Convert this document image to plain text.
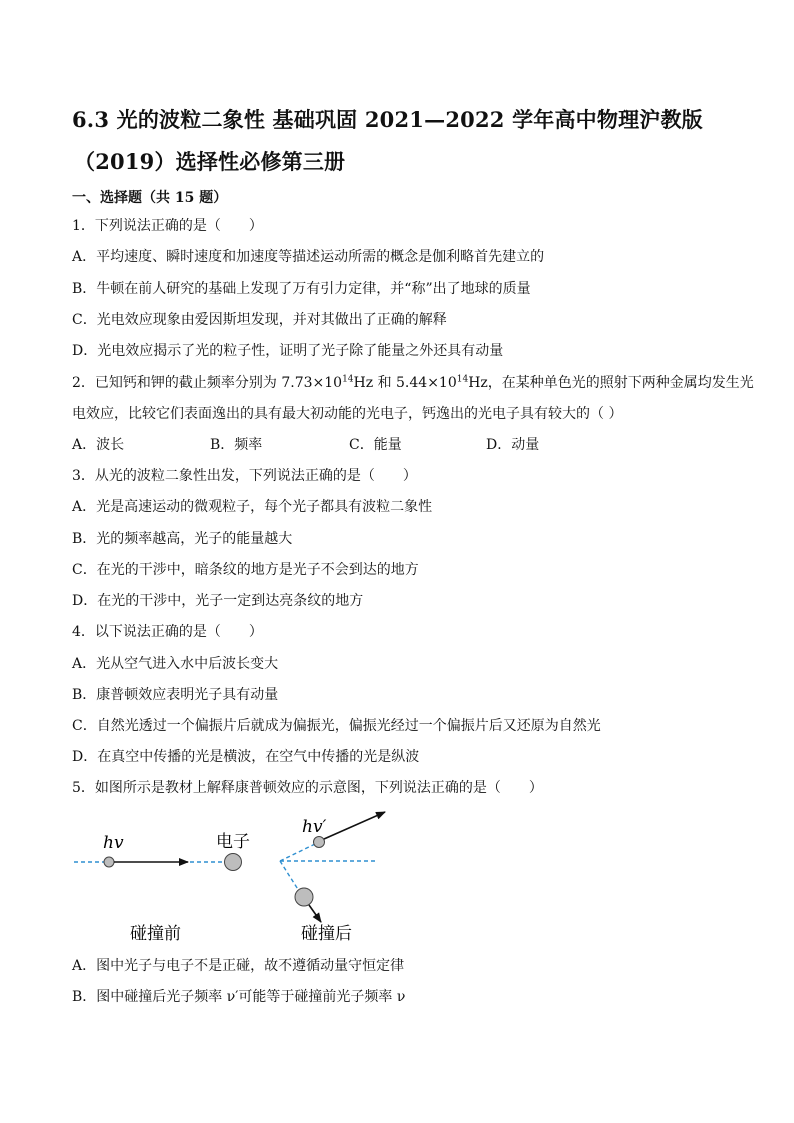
6.3 光的波粒二象性 基础巩固 2021—2022 学年高中物理沪教版
（2019）选择性必修第三册
一、选择题（共 15 题）
1．下列说法正确的是（　　）
A．平均速度、瞬时速度和加速度等描述运动所需的概念是伽利略首先建立的
B．牛顿在前人研究的基础上发现了万有引力定律，并“称”出了地球的质量
C．光电效应现象由爱因斯坦发现，并对其做出了正确的解释
D．光电效应揭示了光的粒子性，证明了光子除了能量之外还具有动量
2．已知钙和钾的截止频率分别为 $7.73\times 10^{14}Hz$ 和 $5.44\times 10^{14}Hz$，在某种单色光的照射下两种金属均发生光
电效应，比较它们表面逸出的具有最大初动能的光电子，钙逸出的光电子具有较大的（ ）
A．波长	B．频率	C．能量	D．动量
3．从光的波粒二象性出发，下列说法正确的是（　　）
A．光是高速运动的微观粒子，每个光子都具有波粒二象性
B．光的频率越高，光子的能量越大
C．在光的干涉中，暗条纹的地方是光子不会到达的地方
D．在光的干涉中，光子一定到达亮条纹的地方
4．以下说法正确的是（　　）
A．光从空气进入水中后波长变大
B．康普顿效应表明光子具有动量
C．自然光透过一个偏振片后就成为偏振光，偏振光经过一个偏振片后又还原为自然光
D．在真空中传播的光是横波，在空气中传播的光是纵波
5．如图所示是教材上解释康普顿效应的示意图，下列说法正确的是（　　）
hv	电子
碰撞前
hv′
碰撞后
A．图中光子与电子不是正碰，故不遵循动量守恒定律
B．图中碰撞后光子频率 ν′可能等于碰撞前光子频率 ν
